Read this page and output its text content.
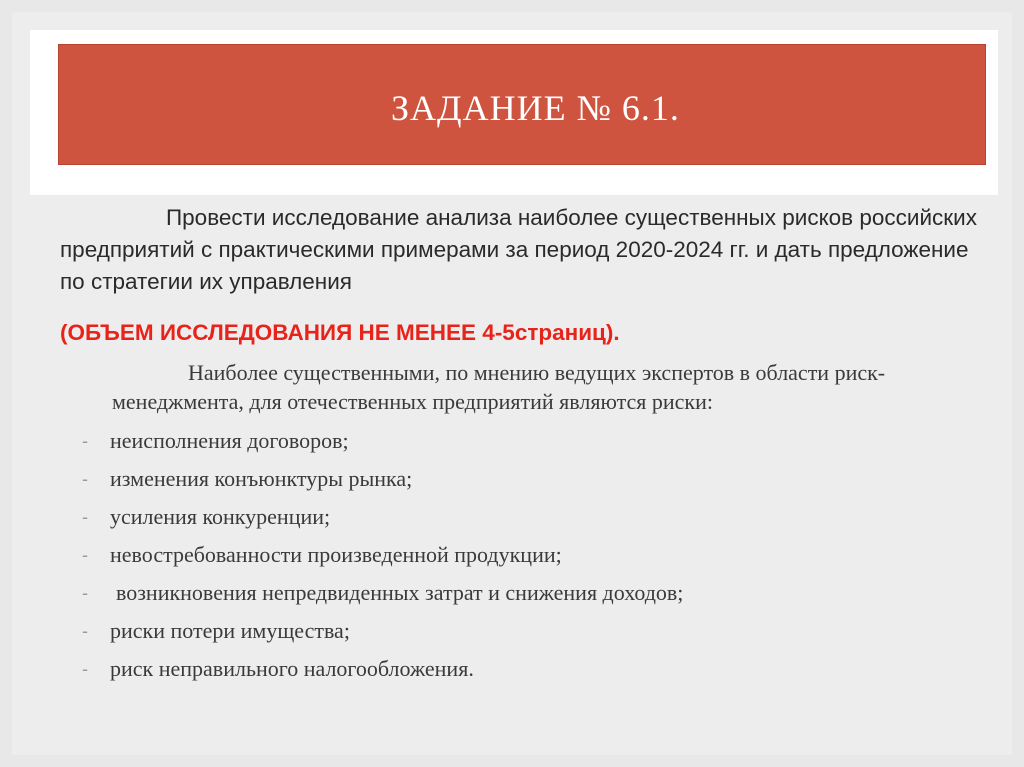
ЗАДАНИЕ № 6.1.

Провести исследование анализа наиболее существенных рисков российских предприятий с практическими примерами за период 2020-2024 гг. и дать предложение по стратегии их управления

(ОБЪЕМ ИССЛЕДОВАНИЯ НЕ МЕНЕЕ 4-5страниц).

Наиболее существенными, по мнению ведущих экспертов в области риск-менеджмента, для отечественных предприятий являются риски:

- неисполнения договоров;
- изменения конъюнктуры рынка;
- усиления конкуренции;
- невостребованности произведенной продукции;
- возникновения непредвиденных затрат и снижения доходов;
- риски потери имущества;
- риск неправильного налогообложения.
